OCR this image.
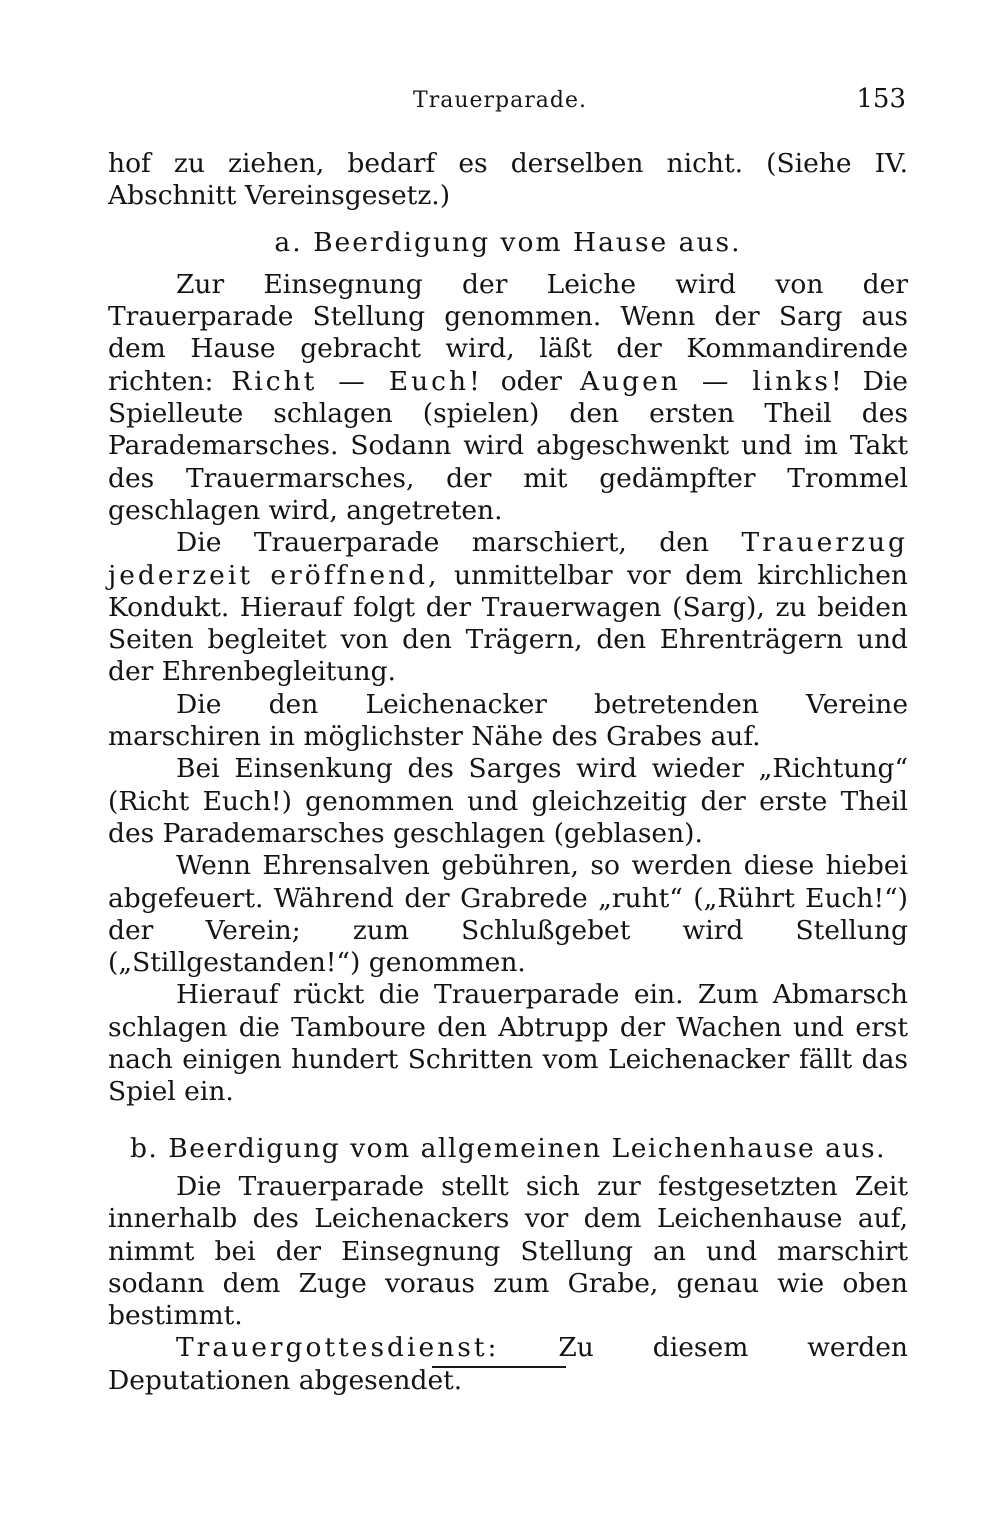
Trauerparade.	153

hof zu ziehen, bedarf es derselben nicht. (Siehe IV. Abschnitt Vereinsgesetz.)

a. Beerdigung vom Hause aus.

Zur Einsegnung der Leiche wird von der Trauerparade Stellung genommen. Wenn der Sarg aus dem Hause gebracht wird, läßt der Kommandirende richten: Richt — Euch! oder Augen — links! Die Spielleute schlagen (spielen) den ersten Theil des Parademarsches. Sodann wird abgeschwenkt und im Takt des Trauermarsches, der mit gedämpfter Trommel geschlagen wird, angetreten.

Die Trauerparade marschiert, den Trauerzug jederzeit eröffnend, unmittelbar vor dem kirchlichen Kondukt. Hierauf folgt der Trauerwagen (Sarg), zu beiden Seiten begleitet von den Trägern, den Ehrenträgern und der Ehrenbegleitung.

Die den Leichenacker betretenden Vereine marschiren in möglichster Nähe des Grabes auf.

Bei Einsenkung des Sarges wird wieder „Richtung“ (Richt Euch!) genommen und gleichzeitig der erste Theil des Parademarsches geschlagen (geblasen).

Wenn Ehrensalven gebühren, so werden diese hiebei abgefeuert. Während der Grabrede „ruht“ („Rührt Euch!“) der Verein; zum Schlußgebet wird Stellung („Stillgestanden!“) genommen.

Hierauf rückt die Trauerparade ein. Zum Abmarsch schlagen die Tamboure den Abtrupp der Wachen und erst nach einigen hundert Schritten vom Leichenacker fällt das Spiel ein.

b. Beerdigung vom allgemeinen Leichenhause aus.

Die Trauerparade stellt sich zur festgesetzten Zeit innerhalb des Leichenackers vor dem Leichenhause auf, nimmt bei der Einsegnung Stellung an und marschirt sodann dem Zuge voraus zum Grabe, genau wie oben bestimmt.

Trauergottesdienst: Zu diesem werden Deputationen abgesendet.
